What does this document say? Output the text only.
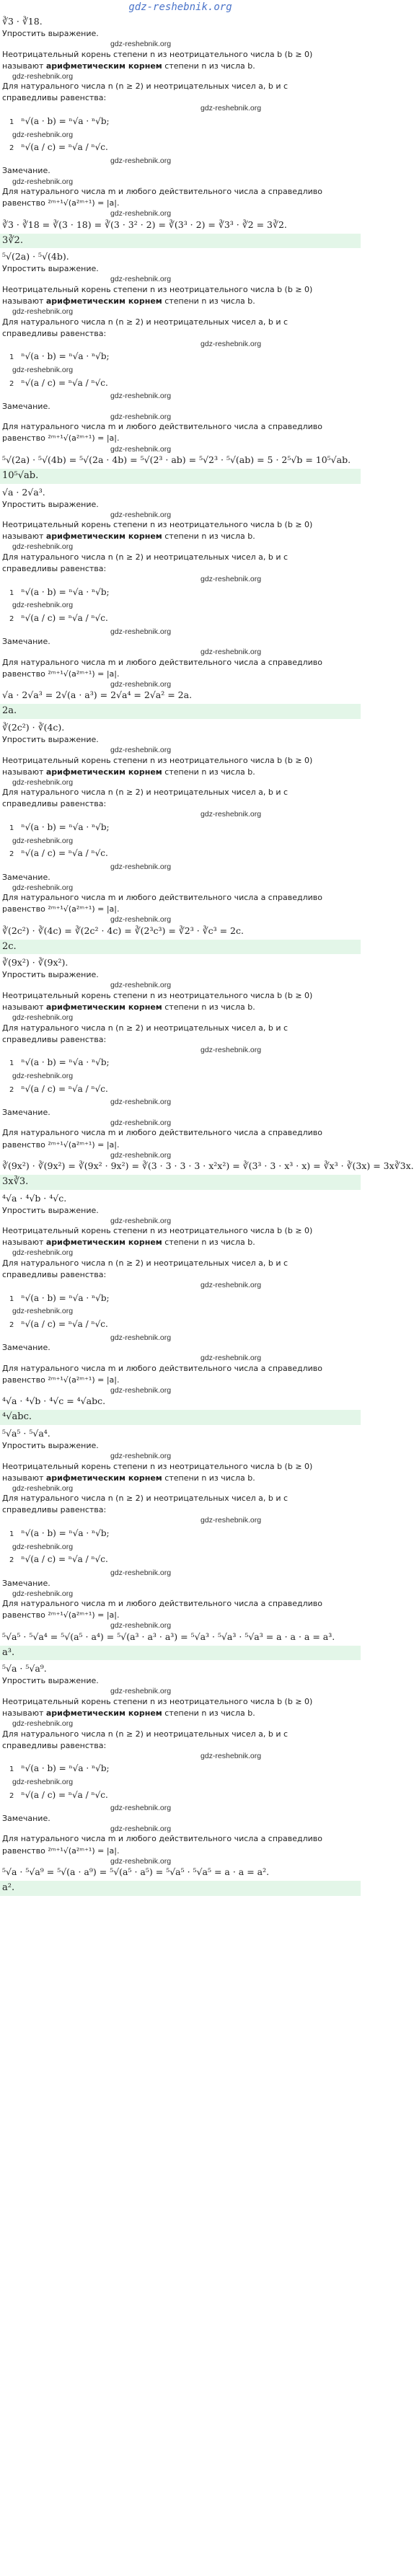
gdz-reshebnik.org
∛3 · ∛18.
Упростить выражение.
gdz-reshebnik.org
Неотрицательный корень степени n из неотрицательного числа b (b ≥ 0)
называют арифметическим корнем степени n из числа b.
gdz-reshebnik.org
Для натурального числа n (n ≥ 2) и неотрицательных чисел a, b и c
справедливы равенства:
gdz-reshebnik.org
1 ⁿ√(a · b) = ⁿ√a · ⁿ√b;
gdz-reshebnik.org
2 ⁿ√(a / c) = ⁿ√a / ⁿ√c.
gdz-reshebnik.org
Замечание.
gdz-reshebnik.org
Для натурального числа m и любого действительного числа a справедливо
равенство ²ᵐ⁺¹√(a²ᵐ⁺¹) = |a|.
gdz-reshebnik.org
∛3 · ∛18 = ∛(3 · 18) = ∛(3 · 3² · 2) = ∛(3³ · 2) = ∛3³ · ∛2 = 3∛2.
3∛2.
⁵√(2a) · ⁵√(4b).
Упростить выражение.
gdz-reshebnik.org
Неотрицательный корень степени n из неотрицательного числа b (b ≥ 0)
называют арифметическим корнем степени n из числа b.
gdz-reshebnik.org
Для натурального числа n (n ≥ 2) и неотрицательных чисел a, b и c
справедливы равенства:
gdz-reshebnik.org
1 ⁿ√(a · b) = ⁿ√a · ⁿ√b;
gdz-reshebnik.org
2 ⁿ√(a / c) = ⁿ√a / ⁿ√c.
gdz-reshebnik.org
Замечание.
gdz-reshebnik.org
Для натурального числа m и любого действительного числа a справедливо
равенство ²ᵐ⁺¹√(a²ᵐ⁺¹) = |a|.
gdz-reshebnik.org
⁵√(2a) · ⁵√(4b) = ⁵√(2a · 4b) = ⁵√(2³ · ab) = ⁵√2³ · ⁵√(ab) = 5 · 2⁵√b = 10⁵√ab.
10⁵√ab.
√a · 2√a³.
Упростить выражение.
gdz-reshebnik.org
Неотрицательный корень степени n из неотрицательного числа b (b ≥ 0)
называют арифметическим корнем степени n из числа b.
gdz-reshebnik.org
Для натурального числа n (n ≥ 2) и неотрицательных чисел a, b и c
справедливы равенства:
gdz-reshebnik.org
1 ⁿ√(a · b) = ⁿ√a · ⁿ√b;
gdz-reshebnik.org
2 ⁿ√(a / c) = ⁿ√a / ⁿ√c.
gdz-reshebnik.org
Замечание.
gdz-reshebnik.org
Для натурального числа m и любого действительного числа a справедливо
равенство ²ᵐ⁺¹√(a²ᵐ⁺¹) = |a|.
gdz-reshebnik.org
√a · 2√a³ = 2√(a · a³) = 2√a⁴ = 2√a² = 2a.
2a.
∛(2c²) · ∛(4c).
Упростить выражение.
gdz-reshebnik.org
Неотрицательный корень степени n из неотрицательного числа b (b ≥ 0)
называют арифметическим корнем степени n из числа b.
gdz-reshebnik.org
Для натурального числа n (n ≥ 2) и неотрицательных чисел a, b и c
справедливы равенства:
gdz-reshebnik.org
1 ⁿ√(a · b) = ⁿ√a · ⁿ√b;
gdz-reshebnik.org
2 ⁿ√(a / c) = ⁿ√a / ⁿ√c.
gdz-reshebnik.org
Замечание.
gdz-reshebnik.org
Для натурального числа m и любого действительного числа a справедливо
равенство ²ᵐ⁺¹√(a²ᵐ⁺¹) = |a|.
gdz-reshebnik.org
∛(2c²) · ∛(4c) = ∛(2c² · 4c) = ∛(2³c³) = ∛2³ · ∛c³ = 2c.
2c.
∛(9x²) · ∛(9x²).
Упростить выражение.
gdz-reshebnik.org
Неотрицательный корень степени n из неотрицательного числа b (b ≥ 0)
называют арифметическим корнем степени n из числа b.
gdz-reshebnik.org
Для натурального числа n (n ≥ 2) и неотрицательных чисел a, b и c
справедливы равенства:
gdz-reshebnik.org
1 ⁿ√(a · b) = ⁿ√a · ⁿ√b;
gdz-reshebnik.org
2 ⁿ√(a / c) = ⁿ√a / ⁿ√c.
gdz-reshebnik.org
Замечание.
gdz-reshebnik.org
Для натурального числа m и любого действительного числа a справедливо
равенство ²ᵐ⁺¹√(a²ᵐ⁺¹) = |a|.
gdz-reshebnik.org
∛(9x²) · ∛(9x²) = ∛(9x² · 9x²) = ∛(3 · 3 · 3 · 3 · x²x²) = ∛(3³ · 3 · x³ · x) = ∛x³ · ∛(3x) = 3x∛3x.
3x∛3.
⁴√a · ⁴√b · ⁴√c.
Упростить выражение.
gdz-reshebnik.org
Неотрицательный корень степени n из неотрицательного числа b (b ≥ 0)
называют арифметическим корнем степени n из числа b.
gdz-reshebnik.org
Для натурального числа n (n ≥ 2) и неотрицательных чисел a, b и c
справедливы равенства:
gdz-reshebnik.org
1 ⁿ√(a · b) = ⁿ√a · ⁿ√b;
gdz-reshebnik.org
2 ⁿ√(a / c) = ⁿ√a / ⁿ√c.
gdz-reshebnik.org
Замечание.
gdz-reshebnik.org
Для натурального числа m и любого действительного числа a справедливо
равенство ²ᵐ⁺¹√(a²ᵐ⁺¹) = |a|.
gdz-reshebnik.org
⁴√a · ⁴√b · ⁴√c = ⁴√abc.
⁴√abc.
⁵√a⁵ · ⁵√a⁴.
Упростить выражение.
gdz-reshebnik.org
Неотрицательный корень степени n из неотрицательного числа b (b ≥ 0)
называют арифметическим корнем степени n из числа b.
gdz-reshebnik.org
Для натурального числа n (n ≥ 2) и неотрицательных чисел a, b и c
справедливы равенства:
gdz-reshebnik.org
1 ⁿ√(a · b) = ⁿ√a · ⁿ√b;
gdz-reshebnik.org
2 ⁿ√(a / c) = ⁿ√a / ⁿ√c.
gdz-reshebnik.org
Замечание.
gdz-reshebnik.org
Для натурального числа m и любого действительного числа a справедливо
равенство ²ᵐ⁺¹√(a²ᵐ⁺¹) = |a|.
gdz-reshebnik.org
⁵√a⁵ · ⁵√a⁴ = ⁵√(a⁵ · a⁴) = ⁵√(a³ · a³ · a³) = ⁵√a³ · ⁵√a³ · ⁵√a³ = a · a · a = a³.
a³.
⁵√a · ⁵√a⁹.
Упростить выражение.
gdz-reshebnik.org
Неотрицательный корень степени n из неотрицательного числа b (b ≥ 0)
называют арифметическим корнем степени n из числа b.
gdz-reshebnik.org
Для натурального числа n (n ≥ 2) и неотрицательных чисел a, b и c
справедливы равенства:
gdz-reshebnik.org
1 ⁿ√(a · b) = ⁿ√a · ⁿ√b;
gdz-reshebnik.org
2 ⁿ√(a / c) = ⁿ√a / ⁿ√c.
gdz-reshebnik.org
Замечание.
gdz-reshebnik.org
Для натурального числа m и любого действительного числа a справедливо
равенство ²ᵐ⁺¹√(a²ᵐ⁺¹) = |a|.
gdz-reshebnik.org
⁵√a · ⁵√a⁹ = ⁵√(a · a⁹) = ⁵√(a⁵ · a⁵) = ⁵√a⁵ · ⁵√a⁵ = a · a = a².
a².
